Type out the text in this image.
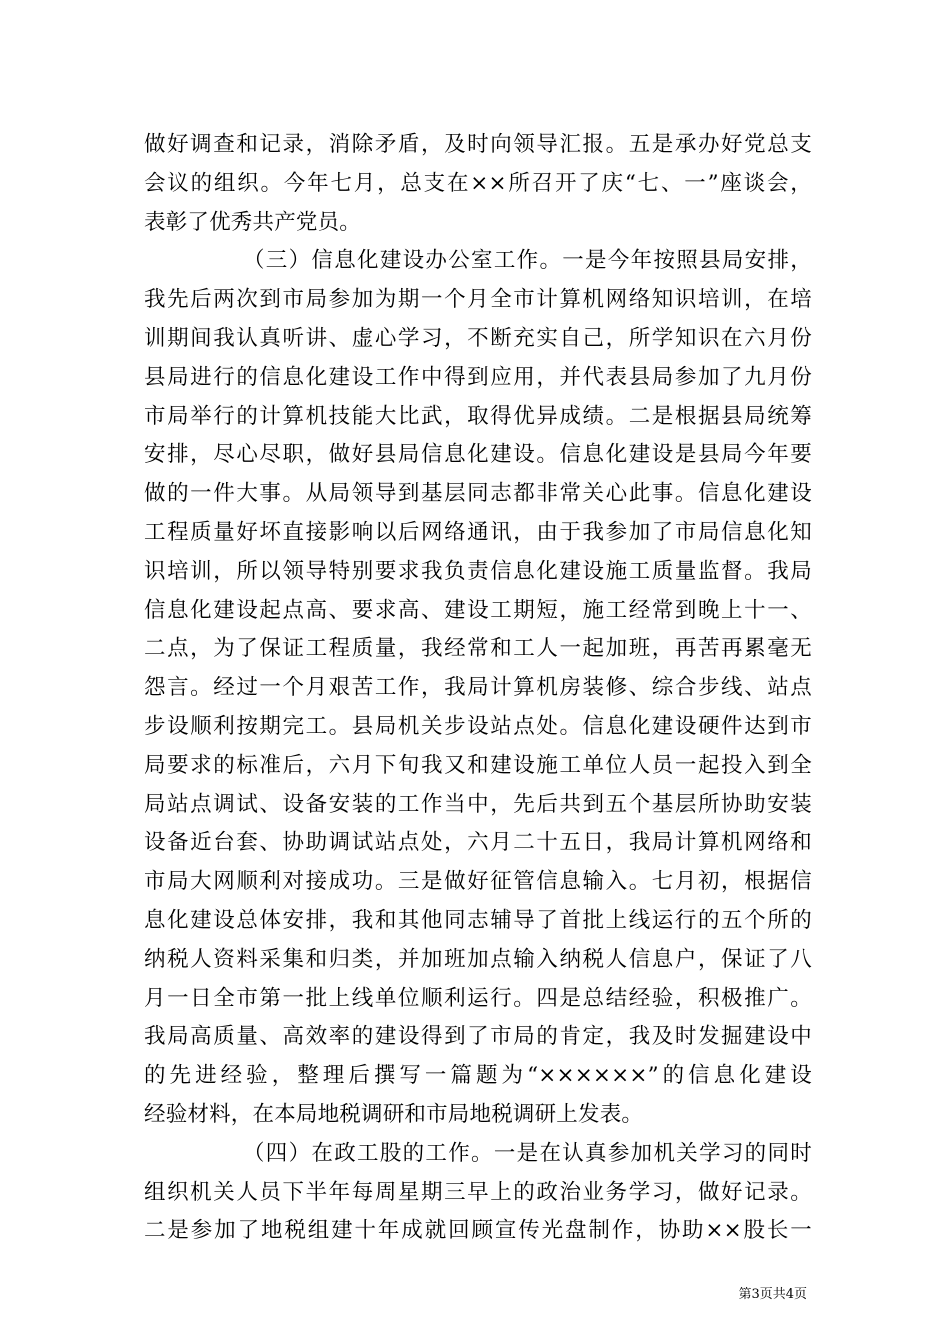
做好调查和记录，消除矛盾，及时向领导汇报。五是承办好党总支
会议的组织。今年七月，总支在××所召开了庆“七、一”座谈会，
表彰了优秀共产党员。
（三）信息化建设办公室工作。一是今年按照县局安排，
我先后两次到市局参加为期一个月全市计算机网络知识培训，在培
训期间我认真听讲、虚心学习，不断充实自己，所学知识在六月份
县局进行的信息化建设工作中得到应用，并代表县局参加了九月份
市局举行的计算机技能大比武，取得优异成绩。二是根据县局统筹
安排，尽心尽职，做好县局信息化建设。信息化建设是县局今年要
做的一件大事。从局领导到基层同志都非常关心此事。信息化建设
工程质量好坏直接影响以后网络通讯，由于我参加了市局信息化知
识培训，所以领导特别要求我负责信息化建设施工质量监督。我局
信息化建设起点高、要求高、建设工期短，施工经常到晚上十一、
二点，为了保证工程质量，我经常和工人一起加班，再苦再累毫无
怨言。经过一个月艰苦工作，我局计算机房装修、综合步线、站点
步设顺利按期完工。县局机关步设站点处。信息化建设硬件达到市
局要求的标准后，六月下旬我又和建设施工单位人员一起投入到全
局站点调试、设备安装的工作当中，先后共到五个基层所协助安装
设备近台套、协助调试站点处，六月二十五日，我局计算机网络和
市局大网顺利对接成功。三是做好征管信息输入。七月初，根据信
息化建设总体安排，我和其他同志辅导了首批上线运行的五个所的
纳税人资料采集和归类，并加班加点输入纳税人信息户，保证了八
月一日全市第一批上线单位顺利运行。四是总结经验，积极推广。
我局高质量、高效率的建设得到了市局的肯定，我及时发掘建设中
的先进经验，整理后撰写一篇题为“××××××”的信息化建设
经验材料，在本局地税调研和市局地税调研上发表。
（四）在政工股的工作。一是在认真参加机关学习的同时
组织机关人员下半年每周星期三早上的政治业务学习，做好记录。
二是参加了地税组建十年成就回顾宣传光盘制作，协助××股长一
第3页共4页
